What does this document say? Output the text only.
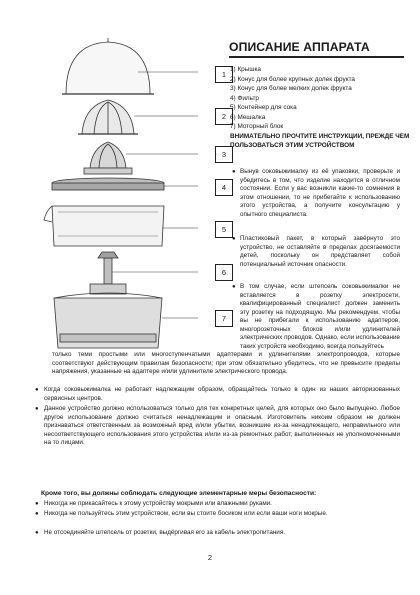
1
2
3
4
5
6
7
ОПИСАНИЕ АППАРАТА
1) Крышка
2) Конус для более крупных долек фрукта
3) Конус для более мелких долек фрукта
4) Фильтр
5) Контейнер для сока
6) Мешалка
7) Моторный блок
ВНИМАТЕЛЬНО ПРОЧТИТЕ ИНСТРУКЦИИ, ПРЕЖДЕ ЧЕМ ПОЛЬЗОВАТЬСЯ ЭТИМ УСТРОЙСТВОМ
● Вынув соковыжималку из её упаковки, проверьте и убедитесь в том, что изделие находится в отличном состоянии. Если у вас возникли какие-то сомнения в этом отношении, то не прибегайте к использованию этого устройства, а получите консультацию у опытного специалиста.
● Пластиковый пакет, в который завёрнуто это устройство, не оставляйте в пределах досягаемости детей, поскольку он представляет собой потенциальный источник опасности.
● В том случае, если штепсель соковыжималки не вставляется в розетку электросети, квалифицированный специалист должен заменить эту розетку на подходящую. Мы рекомендуем, чтобы вы не прибегали к использованию адаптеров, многорозеточных блоков и/или удлинителей электрических проводов. Однако, если использование таких устройств необходимо, всегда пользуйтесь
только теми простыми или многоступенчатыми адаптерами и удлинителями электропроводов, которые соответствуют действующим правилам безопасности; при этом обязательно убедитесь, что не превысите пределы напряжения, указанные на адаптере и/или удлинителе электрического провода.
● Когда соковыжималка не работает надлежащим образом, обращайтесь только в один из наших авторизованных сервисных центров.
● Данное устройство должно использоваться только для тех конкретных целей, для которых оно было выпущено. Любое другое использование должно считаться ненадлежащим и опасным. Изготовитель никоим образом не должен признаваться ответственным за возможный вред и/или убытки, возникшие из-за ненадлежащего, неправильного или несоответствующего использования этого устройства и/или из-за ремонтных работ, выполненных не уполномоченными на то лицами.
Кроме того, вы должны соблюдать следующие элементарные меры безопасности:
● Никогда не прикасайтесь к этому устройству мокрыми или влажными руками.
● Никогда не пользуйтесь этим устройством, если вы стоите босиком или если ваши ноги мокрые.
● Не отсоединяйте штепсель от розетки, выдёргивая его за кабель электропитания.
2
